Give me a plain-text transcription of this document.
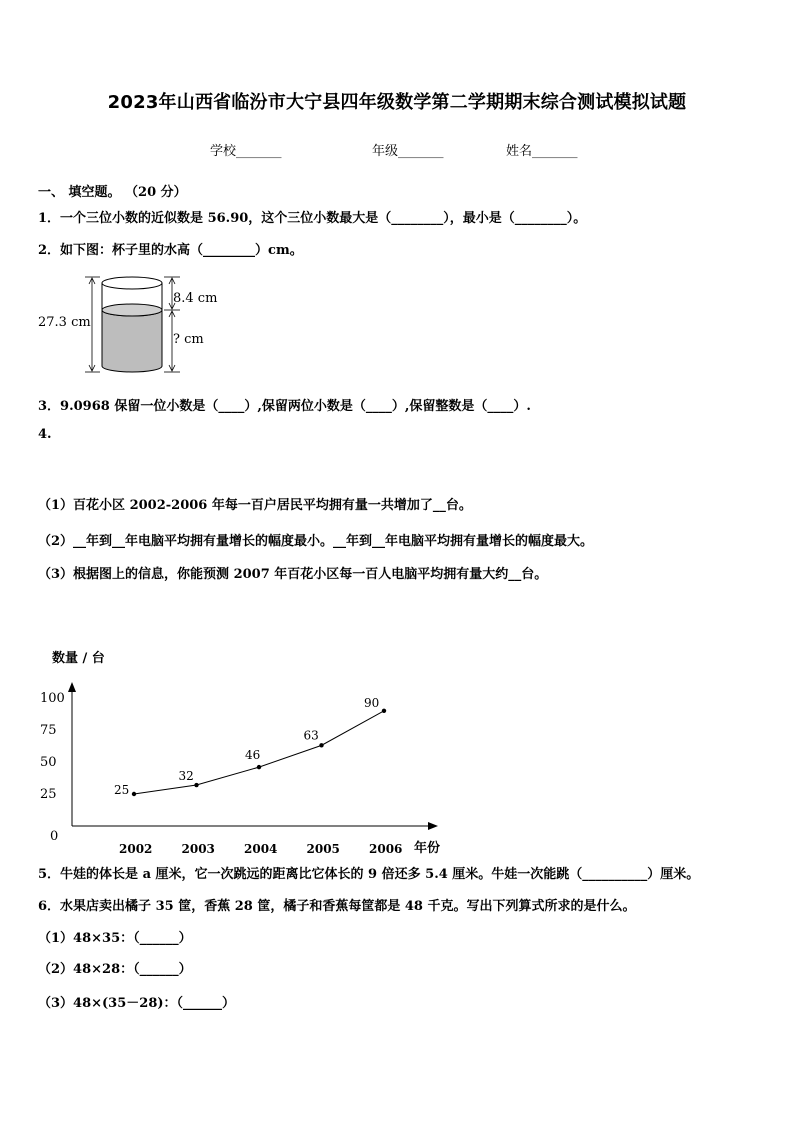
2023年山西省临汾市大宁县四年级数学第二学期期末综合测试模拟试题
学校_______	年级_______	姓名_______
一、 填空题。 （20 分）
1．一个三位小数的近似数是 56.90，这个三位小数最大是（________），最小是（________）。
2．如下图：杯子里的水高（________）cm。
27.3 cm
8.4 cm
? cm
3．9.0968 保留一位小数是（____）,保留两位小数是（____）,保留整数是（____）.
4.
（1）百花小区 2002-2006 年每一百户居民平均拥有量一共增加了__台。
（2）__年到__年电脑平均拥有量增长的幅度最小。__年到__年电脑平均拥有量增长的幅度最大。
（3）根据图上的信息，你能预测 2007 年百花小区每一百人电脑平均拥有量大约__台。
数量 / 台
年份
0
25
50
75
100
2002 2003 2004 2005 2006
25
32
46
63
90
5．牛娃的体长是 a 厘米，它一次跳远的距离比它体长的 9 倍还多 5.4 厘米。牛娃一次能跳（__________）厘米。
6．水果店卖出橘子 35 筐，香蕉 28 筐，橘子和香蕉每筐都是 48 千克。写出下列算式所求的是什么。
（1）48×35：（______）
（2）48×28：（______）
（3）48×(35－28)：（______）
